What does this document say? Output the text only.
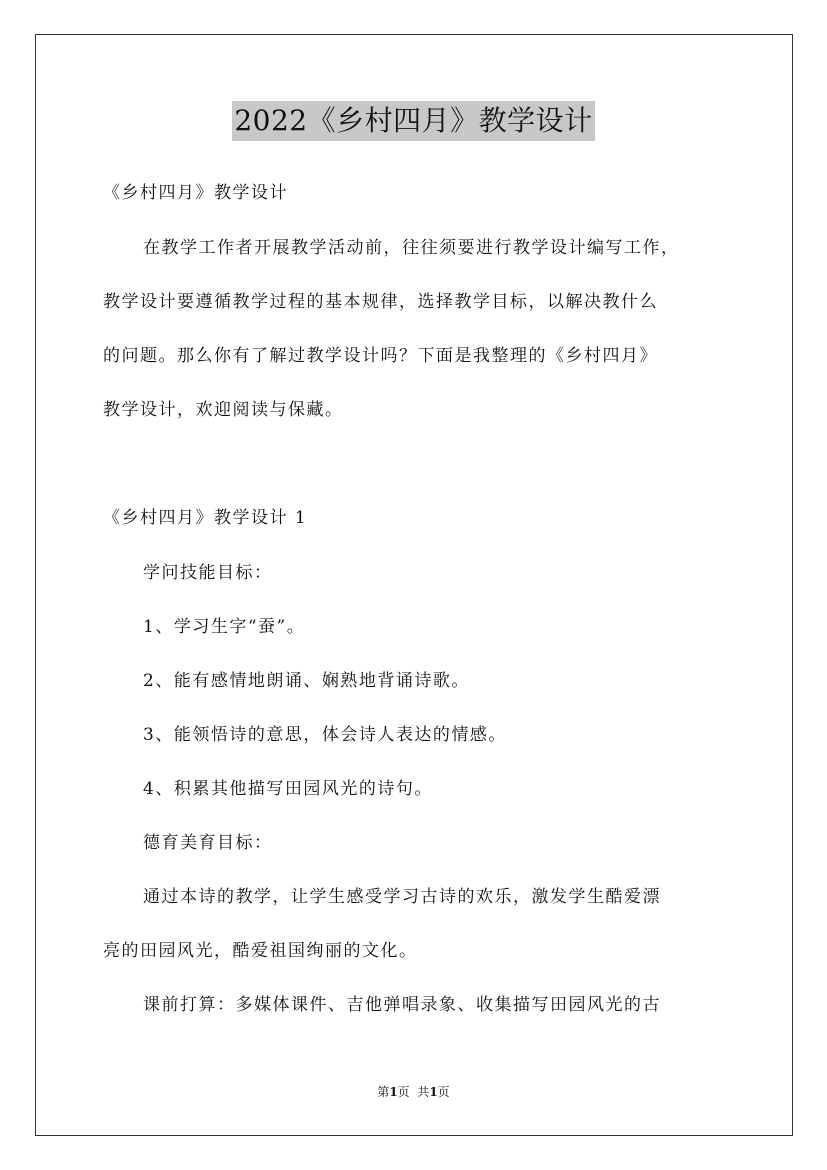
2022《乡村四月》教学设计
《乡村四月》教学设计
在教学工作者开展教学活动前，往往须要进行教学设计编写工作，
教学设计要遵循教学过程的基本规律，选择教学目标，以解决教什么
的问题。那么你有了解过教学设计吗？下面是我整理的《乡村四月》
教学设计，欢迎阅读与保藏。
《乡村四月》教学设计 1
学问技能目标：
1、学习生字“蚕”。
2、能有感情地朗诵、娴熟地背诵诗歌。
3、能领悟诗的意思，体会诗人表达的情感。
4、积累其他描写田园风光的诗句。
德育美育目标：
通过本诗的教学，让学生感受学习古诗的欢乐，激发学生酷爱漂
亮的田园风光，酷爱祖国绚丽的文化。
课前打算：多媒体课件、吉他弹唱录象、收集描写田园风光的古
第1页  共1页
